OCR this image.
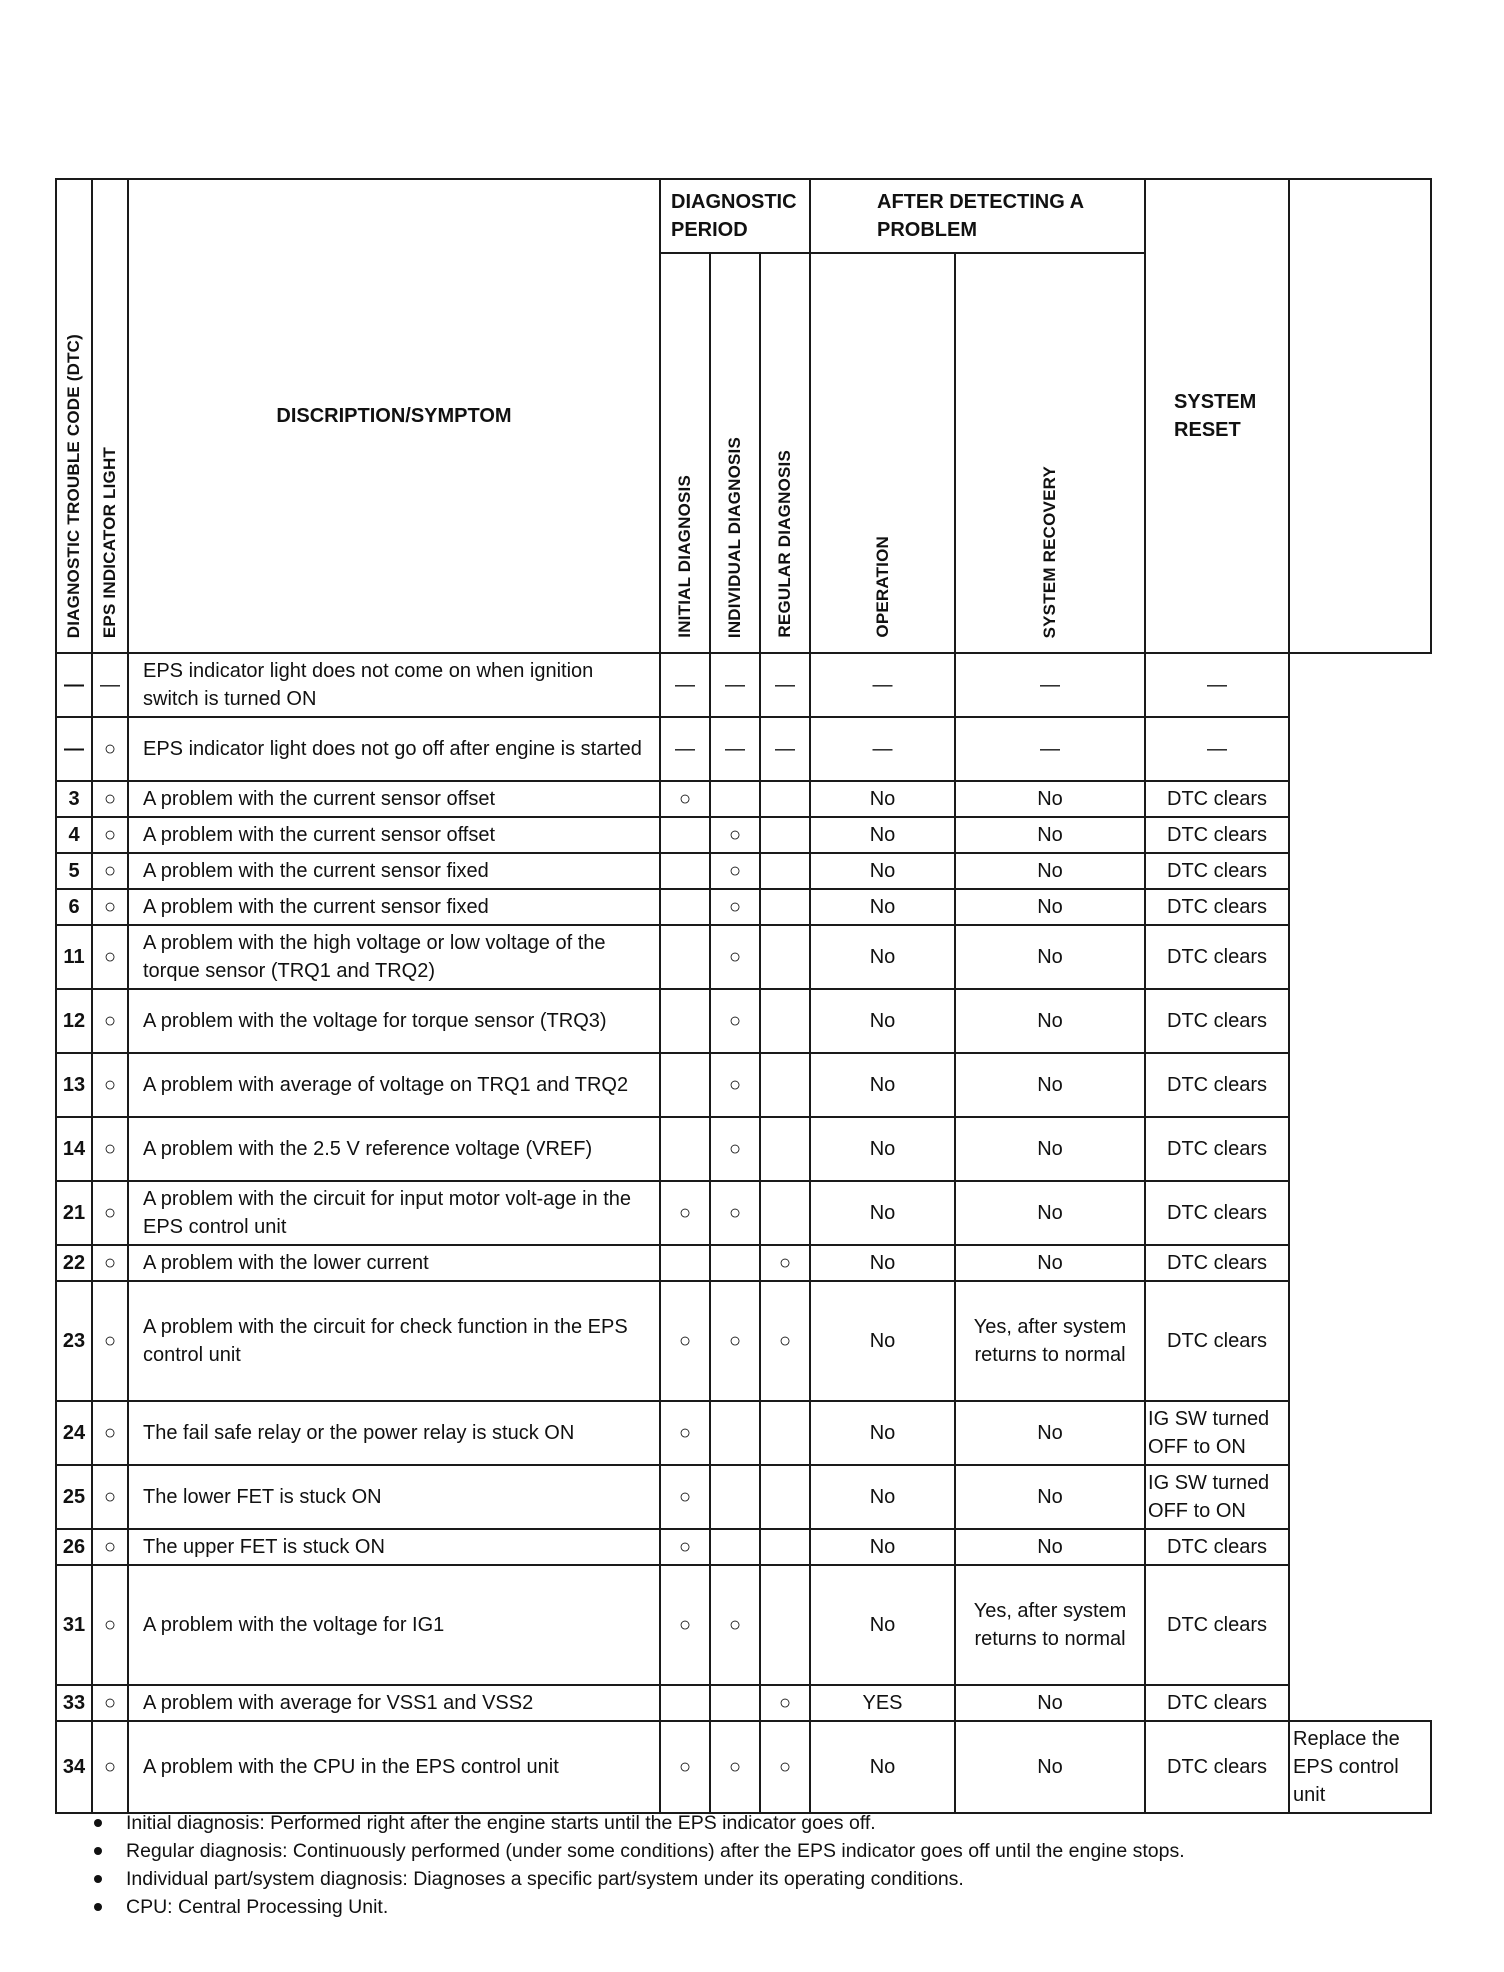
DIAGNOSTIC TROUBLE CODE (DTC)	EPS INDICATOR LIGHT	DISCRIPTION/SYMPTOM	DIAGNOSTIC PERIOD			AFTER DETECTING A PROBLEM		SYSTEM RESET	
			INITIAL DIAGNOSIS	INDIVIDUAL DIAGNOSIS	REGULAR DIAGNOSIS	OPERATION	SYSTEM RECOVERY		
—	—	EPS indicator light does not come on when ignition switch is turned ON	—	—	—	—	—	—	
—	○	EPS indicator light does not go off after engine is started	—	—	—	—	—	—	
3	○	A problem with the current sensor offset	○			No	No	DTC clears	
4	○	A problem with the current sensor offset		○		No	No	DTC clears	
5	○	A problem with the current sensor fixed		○		No	No	DTC clears	
6	○	A problem with the current sensor fixed		○		No	No	DTC clears	
11	○	A problem with the high voltage or low voltage of the torque sensor (TRQ1 and TRQ2)		○		No	No	DTC clears	
12	○	A problem with the voltage for torque sensor (TRQ3)		○		No	No	DTC clears	
13	○	A problem with average of voltage on TRQ1 and TRQ2		○		No	No	DTC clears	
14	○	A problem with the 2.5 V reference voltage (VREF)		○		No	No	DTC clears	
21	○	A problem with the circuit for input motor volt-age in the EPS control unit	○	○		No	No	DTC clears	
22	○	A problem with the lower current			○	No	No	DTC clears	
23	○	A problem with the circuit for check function in the EPS control unit	○	○	○	No	Yes, after system returns to normal	DTC clears	
24	○	The fail safe relay or the power relay is stuck ON	○			No	No	IG SW turned OFF to ON	
25	○	The lower FET is stuck ON	○			No	No	IG SW turned OFF to ON	
26	○	The upper FET is stuck ON	○			No	No	DTC clears	
31	○	A problem with the voltage for IG1	○	○		No	Yes, after system returns to normal	DTC clears	
33	○	A problem with average for VSS1 and VSS2			○	YES	No	DTC clears	
34	○	A problem with the CPU in the EPS control unit	○	○	○	No	No	DTC clears	Replace the EPS control unit
Initial diagnosis: Performed right after the engine starts until the EPS indicator goes off.
Regular diagnosis: Continuously performed (under some conditions) after the EPS indicator goes off until the engine stops.
Individual part/system diagnosis: Diagnoses a specific part/system under its operating conditions.
CPU: Central Processing Unit.
